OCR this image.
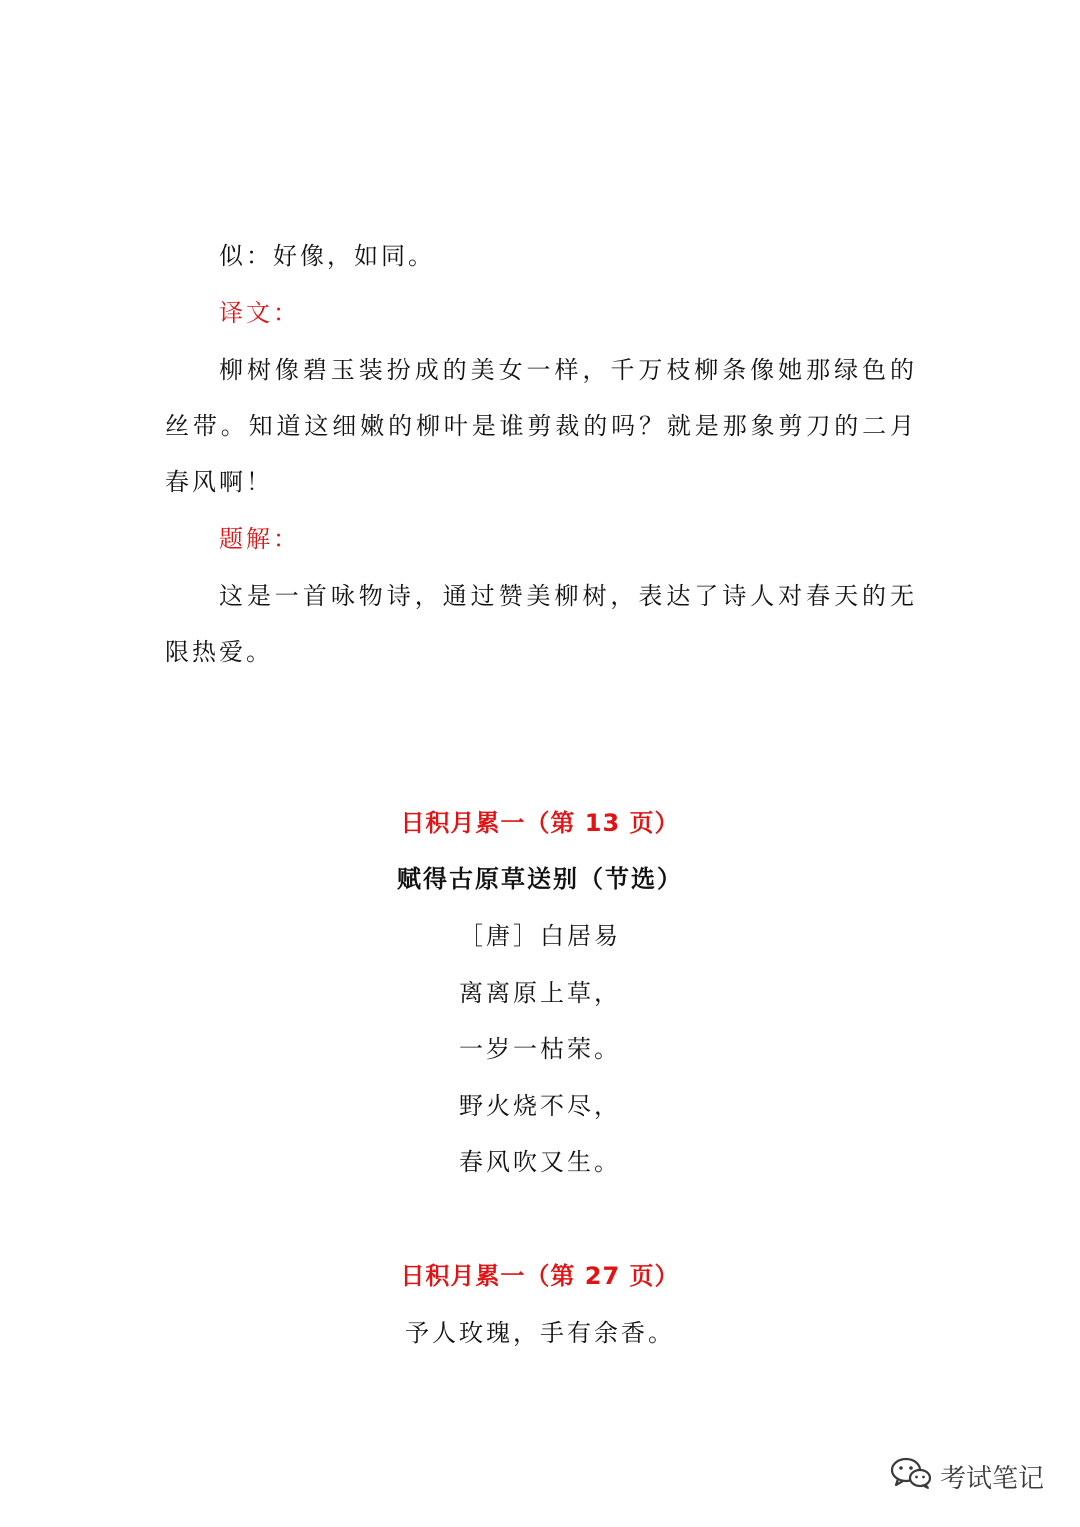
似：好像，如同。

译文：

柳树像碧玉装扮成的美女一样，千万枝柳条像她那绿色的丝带。知道这细嫩的柳叶是谁剪裁的吗？就是那象剪刀的二月春风啊！

题解：

这是一首咏物诗，通过赞美柳树，表达了诗人对春天的无限热爱。

日积月累一（第 13 页）

赋得古原草送别（节选）

［唐］白居易

离离原上草，

一岁一枯荣。

野火烧不尽，

春风吹又生。

日积月累一（第 27 页）

予人玫瑰，手有余香。

考试笔记
